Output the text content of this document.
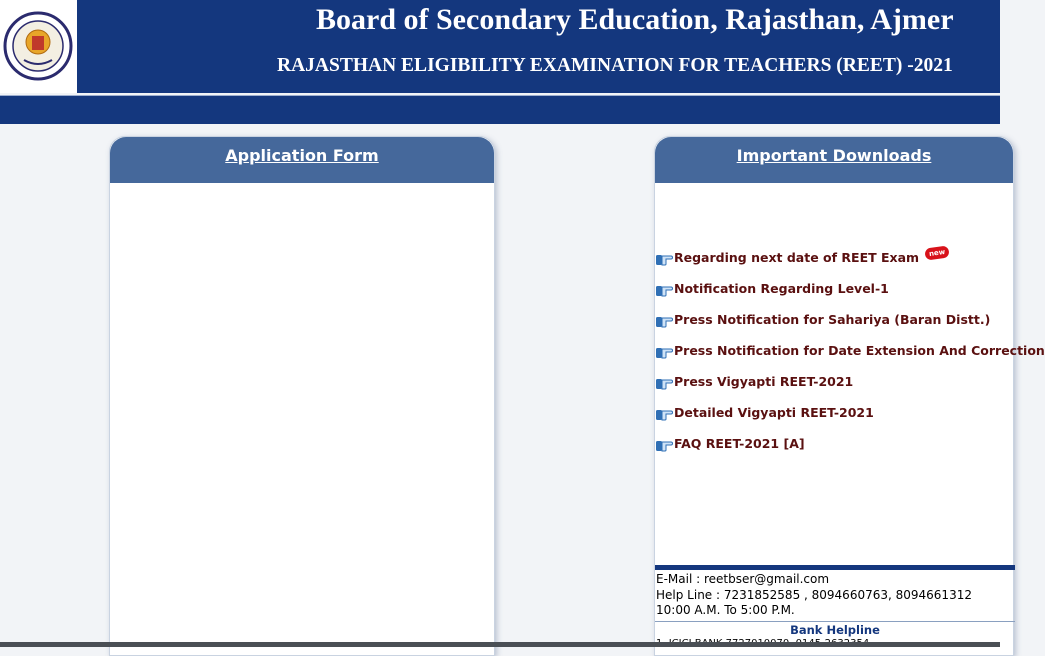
Board of Secondary Education, Rajasthan, Ajmer
RAJASTHAN ELIGIBILITY EXAMINATION FOR TEACHERS (REET) -2021
Application Form	Important Downloads
Regarding next date of REET Exam	new
Notification Regarding Level-1
Press Notification for Sahariya (Baran Distt.)
Press Notification for Date Extension And Correction
Press Vigyapti REET-2021
Detailed Vigyapti REET-2021
FAQ REET-2021 [A]
E-Mail : reetbser@gmail.com
Help Line : 7231852585 , 8094660763, 8094661312
10:00 A.M. To 5:00 P.M.
Bank Helpline
